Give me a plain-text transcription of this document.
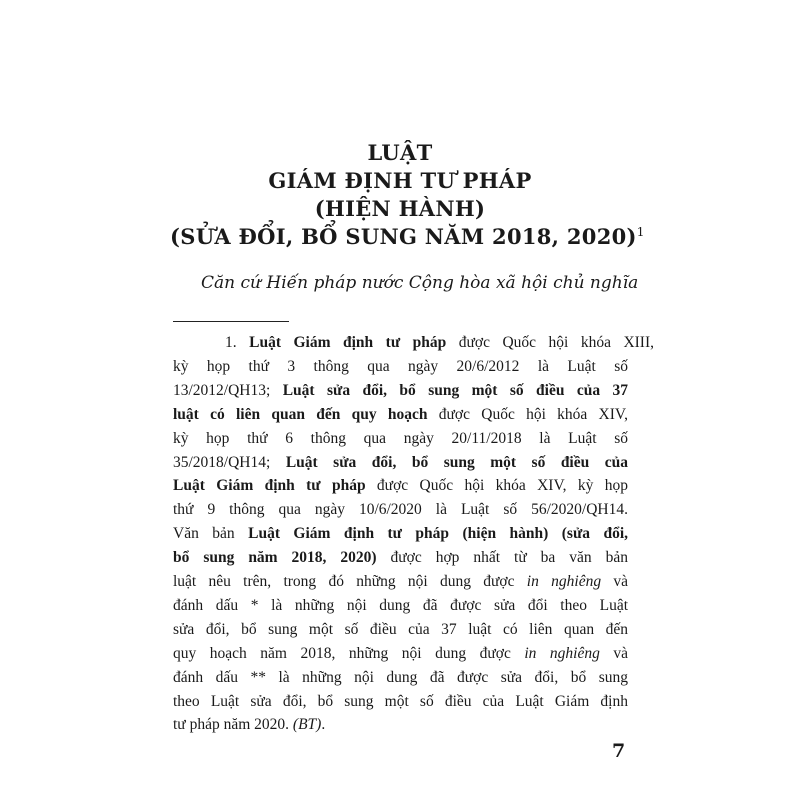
LUẬT
GIÁM ĐỊNH TƯ PHÁP
(HIỆN HÀNH)
(SỬA ĐỔI, BỔ SUNG NĂM 2018, 2020)$^1$

Căn cứ Hiến pháp nước Cộng hòa xã hội chủ nghĩa

1. Luật Giám định tư pháp được Quốc hội khóa XIII,

kỳ họp thứ 3 thông qua ngày 20/6/2012 là Luật số

13/2012/QH13; Luật sửa đổi, bổ sung một số điều của 37

luật có liên quan đến quy hoạch được Quốc hội khóa XIV,

kỳ họp thứ 6 thông qua ngày 20/11/2018 là Luật số

35/2018/QH14; Luật sửa đổi, bổ sung một số điều của

Luật Giám định tư pháp được Quốc hội khóa XIV, kỳ họp

thứ 9 thông qua ngày 10/6/2020 là Luật số 56/2020/QH14.

Văn bản Luật Giám định tư pháp (hiện hành) (sửa đổi,

bổ sung năm 2018, 2020) được hợp nhất từ ba văn bản

luật nêu trên, trong đó những nội dung được in nghiêng và

đánh dấu * là những nội dung đã được sửa đổi theo Luật

sửa đổi, bổ sung một số điều của 37 luật có liên quan đến

quy hoạch năm 2018, những nội dung được in nghiêng và

đánh dấu ** là những nội dung đã được sửa đổi, bổ sung

theo Luật sửa đổi, bổ sung một số điều của Luật Giám định

tư pháp năm 2020. (BT).

7
